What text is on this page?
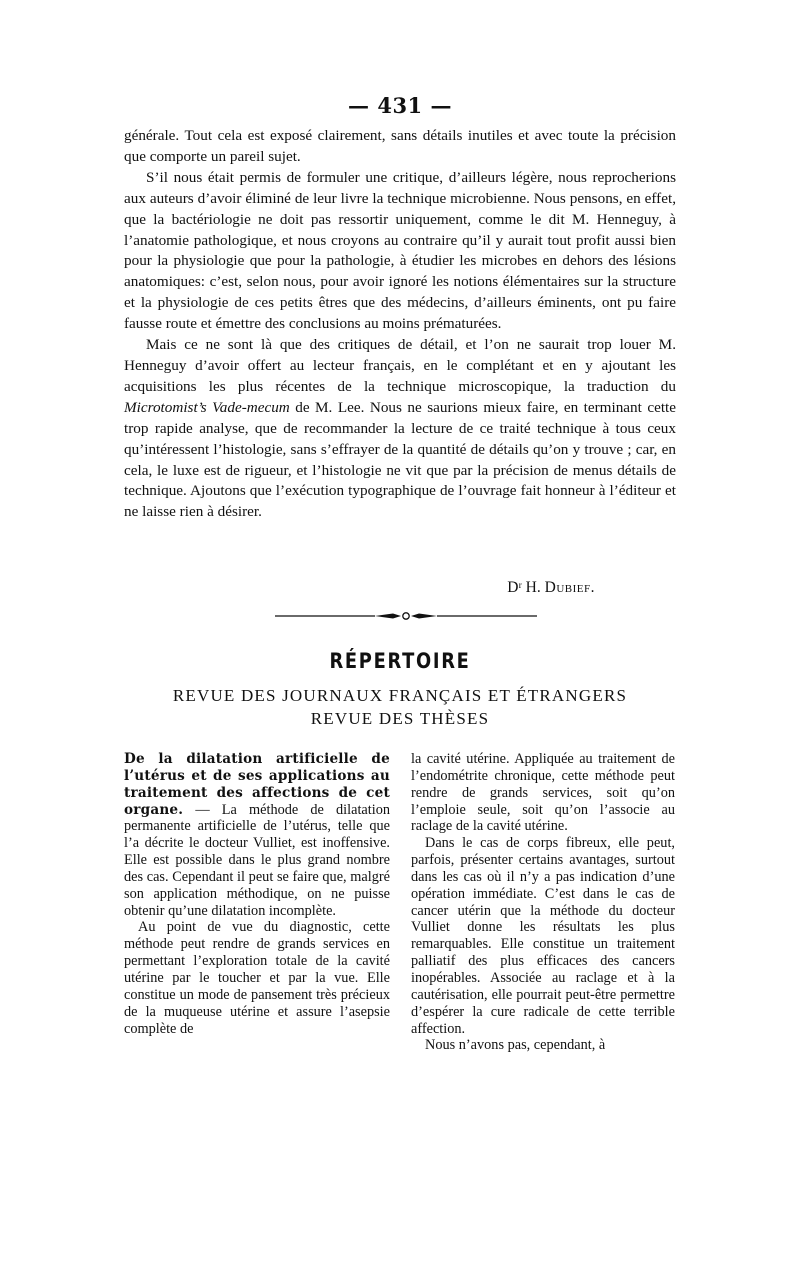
— 431 —

générale. Tout cela est exposé clairement, sans détails inutiles et avec toute la précision que comporte un pareil sujet.

S’il nous était permis de formuler une critique, d’ailleurs légère, nous reprocherions aux auteurs d’avoir éliminé de leur livre la technique microbienne. Nous pensons, en effet, que la bactériologie ne doit pas ressortir uniquement, comme le dit M. Henneguy, à l’anatomie pathologique, et nous croyons au contraire qu’il y aurait tout profit aussi bien pour la physiologie que pour la pathologie, à étudier les microbes en dehors des lésions anatomiques: c’est, selon nous, pour avoir ignoré les notions élémentaires sur la structure et la physiologie de ces petits êtres que des médecins, d’ailleurs éminents, ont pu faire fausse route et émettre des conclusions au moins prématurées.

Mais ce ne sont là que des critiques de détail, et l’on ne saurait trop louer M. Henneguy d’avoir offert au lecteur français, en le complétant et en y ajoutant les acquisitions les plus récentes de la technique microscopique, la traduction du Microtomist’s Vade-mecum de M. Lee. Nous ne saurions mieux faire, en terminant cette trop rapide analyse, que de recommander la lecture de ce traité technique à tous ceux qu’intéressent l’histologie, sans s’effrayer de la quantité de détails qu’on y trouve ; car, en cela, le luxe est de rigueur, et l’histologie ne vit que par la précision de menus détails de technique. Ajoutons que l’exécution typographique de l’ouvrage fait honneur à l’éditeur et ne laisse rien à désirer.

Dʳ H. Dubief.
RÉPERTOIRE
REVUE DES JOURNAUX FRANÇAIS ET ÉTRANGERS
REVUE DES THÈSES

De la dilatation artificielle de l’utérus et de ses applications au traitement des affections de cet organe. — La méthode de dilatation permanente artificielle de l’utérus, telle que l’a décrite le docteur Vulliet, est inoffensive. Elle est possible dans le plus grand nombre des cas. Cependant il peut se faire que, malgré son application méthodique, on ne puisse obtenir qu’une dilatation incomplète.

Au point de vue du diagnostic, cette méthode peut rendre de grands services en permettant l’exploration totale de la cavité utérine par le toucher et par la vue. Elle constitue un mode de pansement très précieux de la muqueuse utérine et assure l’asepsie complète de

la cavité utérine. Appliquée au traitement de l’endométrite chronique, cette méthode peut rendre de grands services, soit qu’on l’emploie seule, soit qu’on l’associe au raclage de la cavité utérine.

Dans le cas de corps fibreux, elle peut, parfois, présenter certains avantages, surtout dans les cas où il n’y a pas indication d’une opération immédiate. C’est dans le cas de cancer utérin que la méthode du docteur Vulliet donne les résultats les plus remarquables. Elle constitue un traitement palliatif des plus efficaces des cancers inopérables. Associée au raclage et à la cautérisation, elle pourrait peut-être permettre d’espérer la cure radicale de cette terrible affection.

Nous n’avons pas, cependant, à
